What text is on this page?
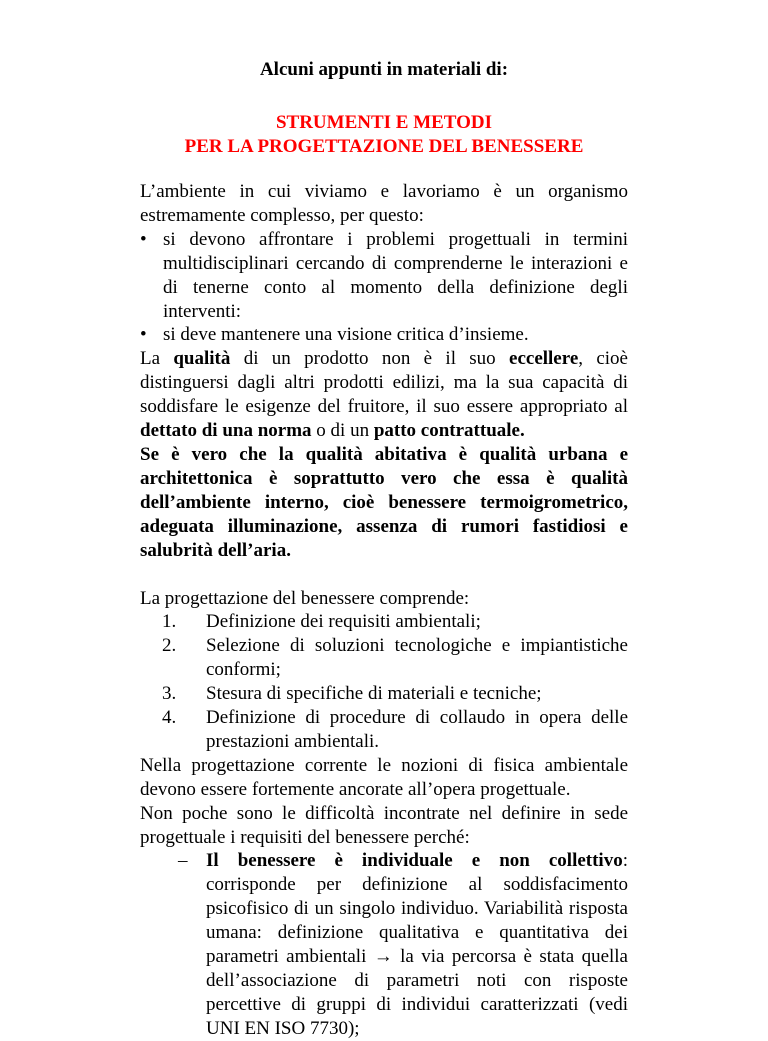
Alcuni appunti in materiali di:
STRUMENTI E METODI
PER LA PROGETTAZIONE DEL BENESSERE

L’ambiente in cui viviamo e lavoriamo è un organismo estremamente complesso, per questo:

• si devono affrontare i problemi progettuali in termini multidisciplinari cercando di comprenderne le interazioni e di tenerne conto al momento della definizione degli interventi:
• si deve mantenere una visione critica d’insieme.

La qualità di un prodotto non è il suo eccellere, cioè distinguersi dagli altri prodotti edilizi, ma la sua capacità di soddisfare le esigenze del fruitore, il suo essere appropriato al dettato di una norma o di un patto contrattuale.

Se è vero che la qualità abitativa è qualità urbana e architettonica è soprattutto vero che essa è qualità dell’ambiente interno, cioè benessere termoigrometrico, adeguata illuminazione, assenza di rumori fastidiosi e salubrità dell’aria.

La progettazione del benessere comprende:

1. Definizione dei requisiti ambientali;
2. Selezione di soluzioni tecnologiche e impiantistiche conformi;
3. Stesura di specifiche di materiali e tecniche;
4. Definizione di procedure di collaudo in opera delle prestazioni ambientali.

Nella progettazione corrente le nozioni di fisica ambientale devono essere fortemente ancorate all’opera progettuale.

Non poche sono le difficoltà incontrate nel definire in sede progettuale i requisiti del benessere perché:

– Il benessere è individuale e non collettivo: corrisponde per definizione al soddisfacimento psicofisico di un singolo individuo. Variabilità risposta umana: definizione qualitativa e quantitativa dei parametri ambientali → la via percorsa è stata quella dell’associazione di parametri noti con risposte percettive di gruppi di individui caratterizzati (vedi UNI EN ISO 7730);
